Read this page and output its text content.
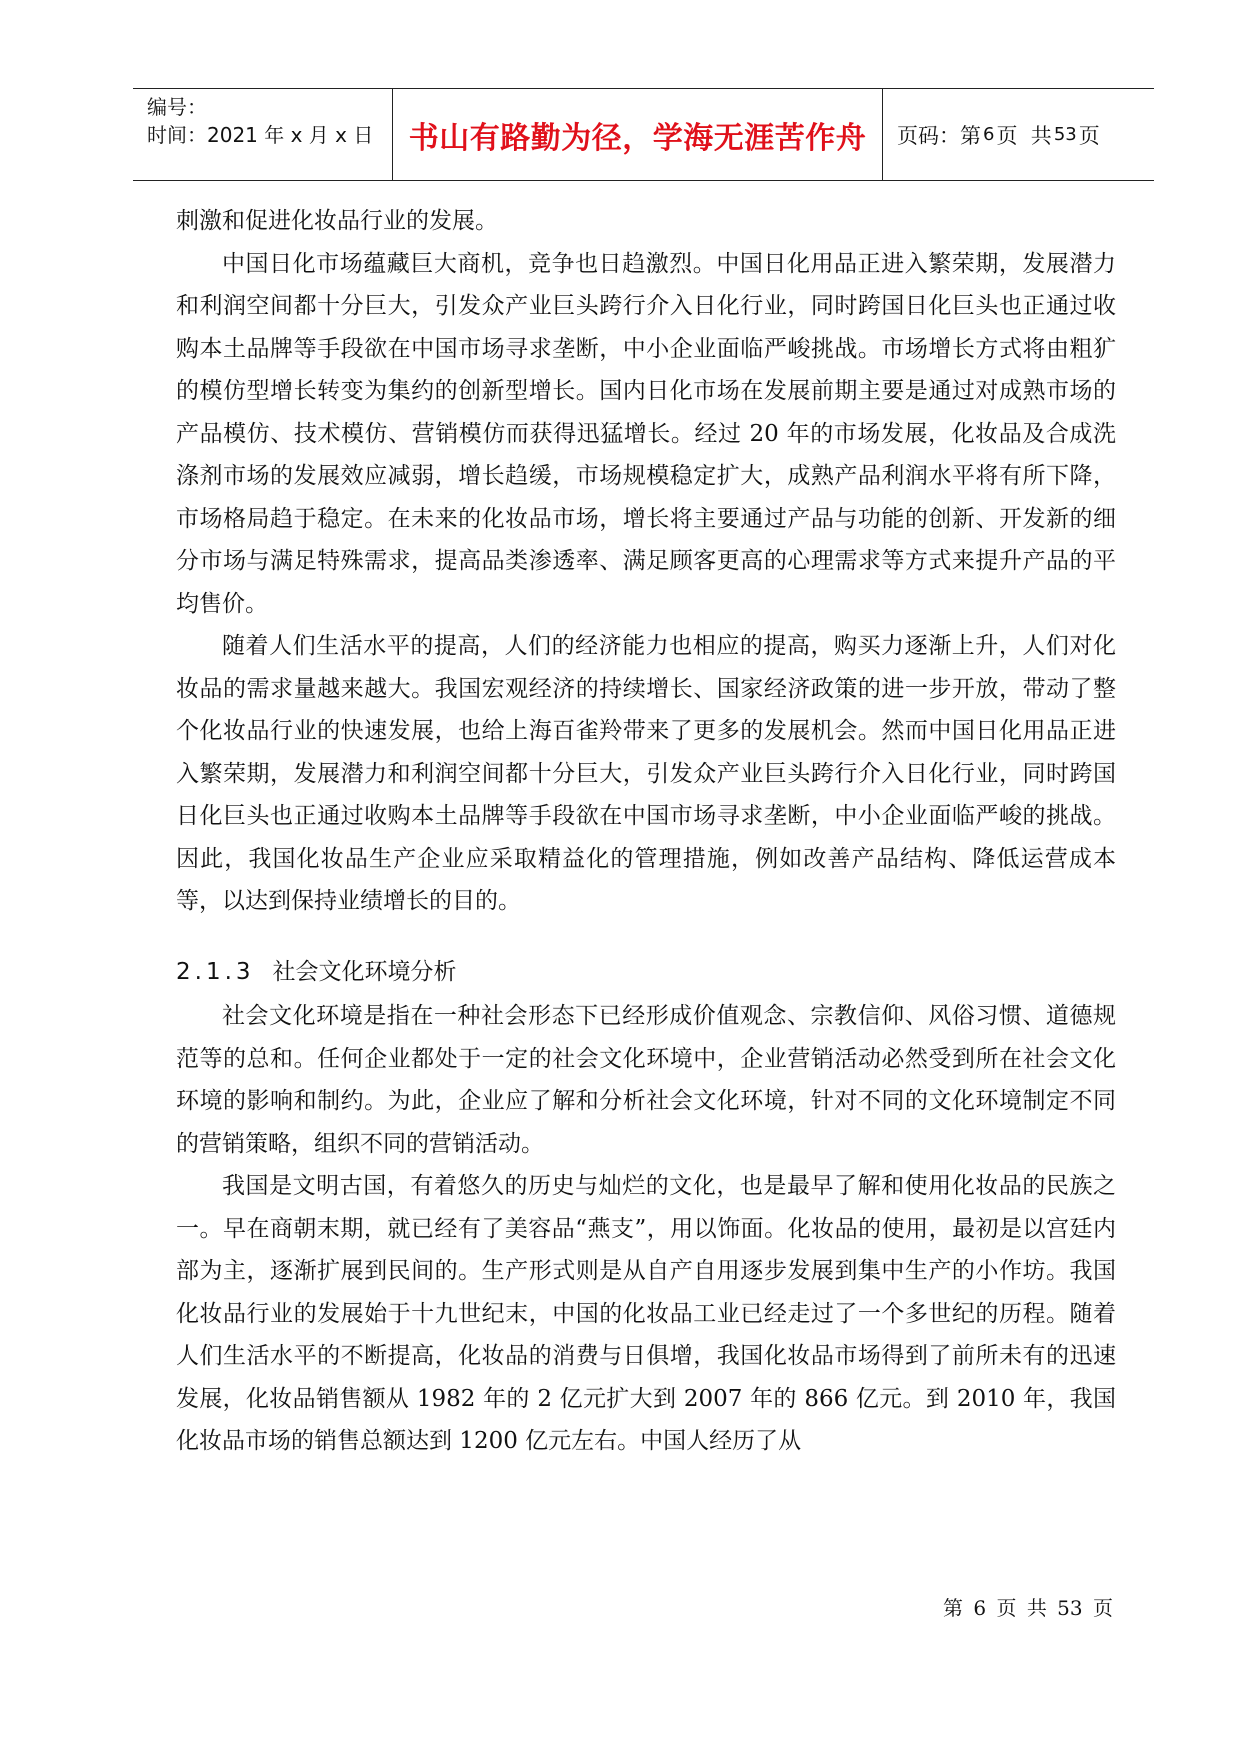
编号：
时间：2021 年 x 月 x 日	书山有路勤为径，学海无涯苦作舟	页码：第 6 页  共 53 页

刺激和促进化妆品行业的发展。

中国日化市场蕴藏巨大商机，竞争也日趋激烈。中国日化用品正进入繁荣期，发展潜力和利润空间都十分巨大，引发众产业巨头跨行介入日化行业，同时跨国日化巨头也正通过收购本土品牌等手段欲在中国市场寻求垄断，中小企业面临严峻挑战。市场增长方式将由粗犷的模仿型增长转变为集约的创新型增长。国内日化市场在发展前期主要是通过对成熟市场的产品模仿、技术模仿、营销模仿而获得迅猛增长。经过 20 年的市场发展，化妆品及合成洗涤剂市场的发展效应减弱，增长趋缓，市场规模稳定扩大，成熟产品利润水平将有所下降，市场格局趋于稳定。在未来的化妆品市场，增长将主要通过产品与功能的创新、开发新的细分市场与满足特殊需求，提高品类渗透率、满足顾客更高的心理需求等方式来提升产品的平均售价。

随着人们生活水平的提高，人们的经济能力也相应的提高，购买力逐渐上升，人们对化妆品的需求量越来越大。我国宏观经济的持续增长、国家经济政策的进一步开放，带动了整个化妆品行业的快速发展，也给上海百雀羚带来了更多的发展机会。然而中国日化用品正进入繁荣期，发展潜力和利润空间都十分巨大，引发众产业巨头跨行介入日化行业，同时跨国日化巨头也正通过收购本土品牌等手段欲在中国市场寻求垄断，中小企业面临严峻的挑战。因此，我国化妆品生产企业应采取精益化的管理措施，例如改善产品结构、降低运营成本等，以达到保持业绩增长的目的。

2.1.3 社会文化环境分析

社会文化环境是指在一种社会形态下已经形成价值观念、宗教信仰、风俗习惯、道德规范等的总和。任何企业都处于一定的社会文化环境中，企业营销活动必然受到所在社会文化环境的影响和制约。为此，企业应了解和分析社会文化环境，针对不同的文化环境制定不同的营销策略，组织不同的营销活动。

我国是文明古国，有着悠久的历史与灿烂的文化，也是最早了解和使用化妆品的民族之一。早在商朝末期，就已经有了美容品“燕支”，用以饰面。化妆品的使用，最初是以宫廷内部为主，逐渐扩展到民间的。生产形式则是从自产自用逐步发展到集中生产的小作坊。我国化妆品行业的发展始于十九世纪末，中国的化妆品工业已经走过了一个多世纪的历程。随着人们生活水平的不断提高，化妆品的消费与日俱增，我国化妆品市场得到了前所未有的迅速发展，化妆品销售额从 1982 年的 2 亿元扩大到 2007 年的 866 亿元。到 2010 年，我国化妆品市场的销售总额达到 1200 亿元左右。中国人经历了从

第 6 页 共 53 页
